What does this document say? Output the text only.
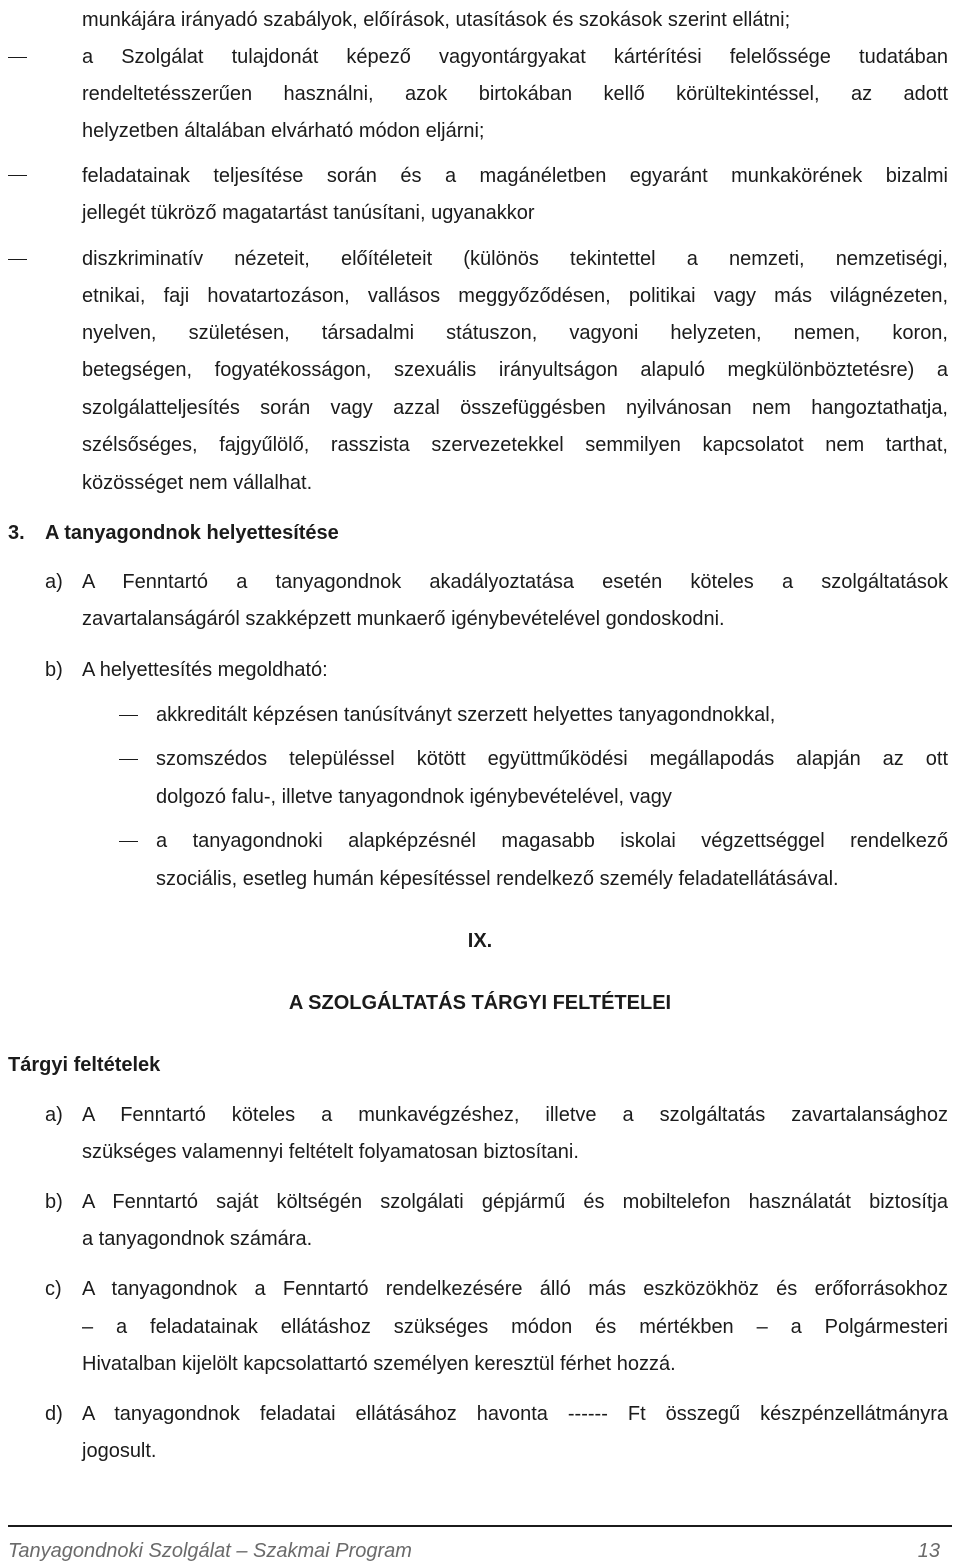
munkájára irányadó szabályok, előírások, utasítások és szokások szerint ellátni;
a Szolgálat tulajdonát képező vagyontárgyakat kártérítési felelőssége tudatában
rendeltetésszerűen használni, azok birtokában kellő körültekintéssel, az adott
helyzetben általában elvárható módon eljárni;
feladatainak teljesítése során és a magánéletben egyaránt munkakörének bizalmi
jellegét tükröző magatartást tanúsítani, ugyanakkor
diszkriminatív nézeteit, előítéleteit (különös tekintettel a nemzeti, nemzetiségi,
etnikai, faji hovatartozáson, vallásos meggyőződésen, politikai vagy más világnézeten,
nyelven, születésen, társadalmi státuszon, vagyoni helyzeten, nemen, koron,
betegségen, fogyatékosságon, szexuális irányultságon alapuló megkülönböztetésre) a
szolgálatteljesítés során vagy azzal összefüggésben nyilvánosan nem hangoztathatja,
szélsőséges, fajgyűlölő, rasszista szervezetekkel semmilyen kapcsolatot nem tarthat,
közösséget nem vállalhat.
3. A tanyagondnok helyettesítése
a) A Fenntartó a tanyagondnok akadályoztatása esetén köteles a szolgáltatások
zavartalanságáról szakképzett munkaerő igénybevételével gondoskodni.
b) A helyettesítés megoldható:
akkreditált képzésen tanúsítványt szerzett helyettes tanyagondnokkal,
szomszédos településsel kötött együttműködési megállapodás alapján az ott
dolgozó falu-, illetve tanyagondnok igénybevételével, vagy
a tanyagondnoki alapképzésnél magasabb iskolai végzettséggel rendelkező
szociális, esetleg humán képesítéssel rendelkező személy feladatellátásával.
IX.
A SZOLGÁLTATÁS TÁRGYI FELTÉTELEI
Tárgyi feltételek
a) A Fenntartó köteles a munkavégzéshez, illetve a szolgáltatás zavartalansághoz
szükséges valamennyi feltételt folyamatosan biztosítani.
b) A Fenntartó saját költségén szolgálati gépjármű és mobiltelefon használatát biztosítja
a tanyagondnok számára.
c) A tanyagondnok a Fenntartó rendelkezésére álló más eszközökhöz és erőforrásokhoz
– a feladatainak ellátáshoz szükséges módon és mértékben – a Polgármesteri
Hivatalban kijelölt kapcsolattartó személyen keresztül férhet hozzá.
d) A tanyagondnok feladatai ellátásához havonta ------ Ft összegű készpénzellátmányra
jogosult.
Tanyagondnoki Szolgálat – Szakmai Program	13
